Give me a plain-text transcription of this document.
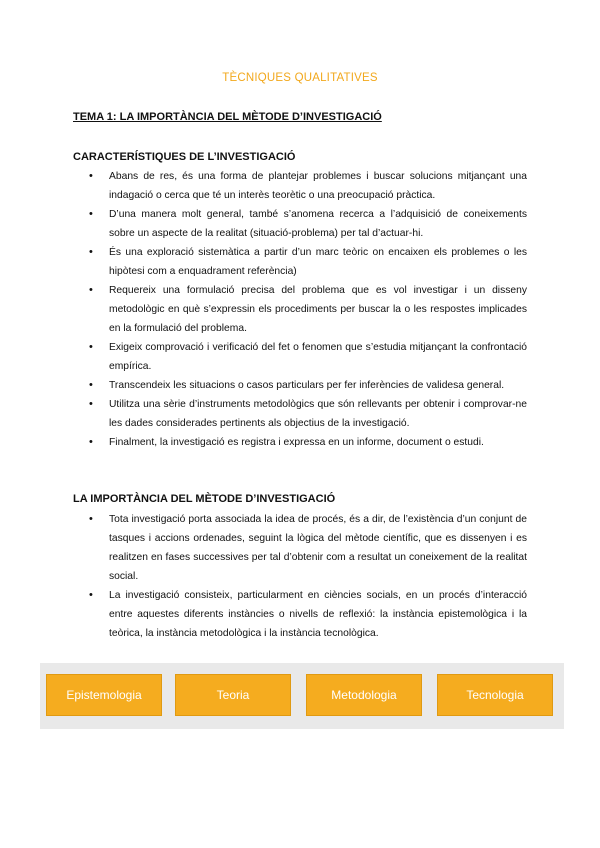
TÈCNIQUES QUALITATIVES
TEMA 1: LA IMPORTÀNCIA DEL MÈTODE D’INVESTIGACIÓ
CARACTERÍSTIQUES DE L’INVESTIGACIÓ
• Abans de res, és una forma de plantejar problemes i buscar solucions mitjançant una indagació o cerca que té un interès teorètic o una preocupació pràctica.
• D’una manera molt general, també s’anomena recerca a l’adquisició de coneixements sobre un aspecte de la realitat (situació-problema) per tal d’actuar-hi.
• És una exploració sistemàtica a partir d’un marc teòric on encaixen els problemes o les hipòtesi com a enquadrament referència)
• Requereix una formulació precisa del problema que es vol investigar i un disseny metodològic en què s’expressin els procediments per buscar la o les respostes implicades en la formulació del problema.
• Exigeix comprovació i verificació del fet o fenomen que s’estudia mitjançant la confrontació empírica.
• Transcendeix les situacions o casos particulars per fer inferències de validesa general.
• Utilitza una sèrie d’instruments metodològics que són rellevants per obtenir i comprovar-ne les dades considerades pertinents als objectius de la investigació.
• Finalment, la investigació es registra i expressa en un informe, document o estudi.
LA IMPORTÀNCIA DEL MÈTODE D’INVESTIGACIÓ
• Tota investigació porta associada la idea de procés, és a dir, de l’existència d’un conjunt de tasques i accions ordenades, seguint la lògica del mètode científic, que es dissenyen i es realitzen en fases successives per tal d’obtenir com a resultat un coneixement de la realitat social.
• La investigació consisteix, particularment en ciències socials, en un procés d’interacció entre aquestes diferents instàncies o nivells de reflexió: la instància epistemològica i la teòrica, la instància metodològica i la instància tecnològica.
Epistemologia	Teoria	Metodologia	Tecnologia
